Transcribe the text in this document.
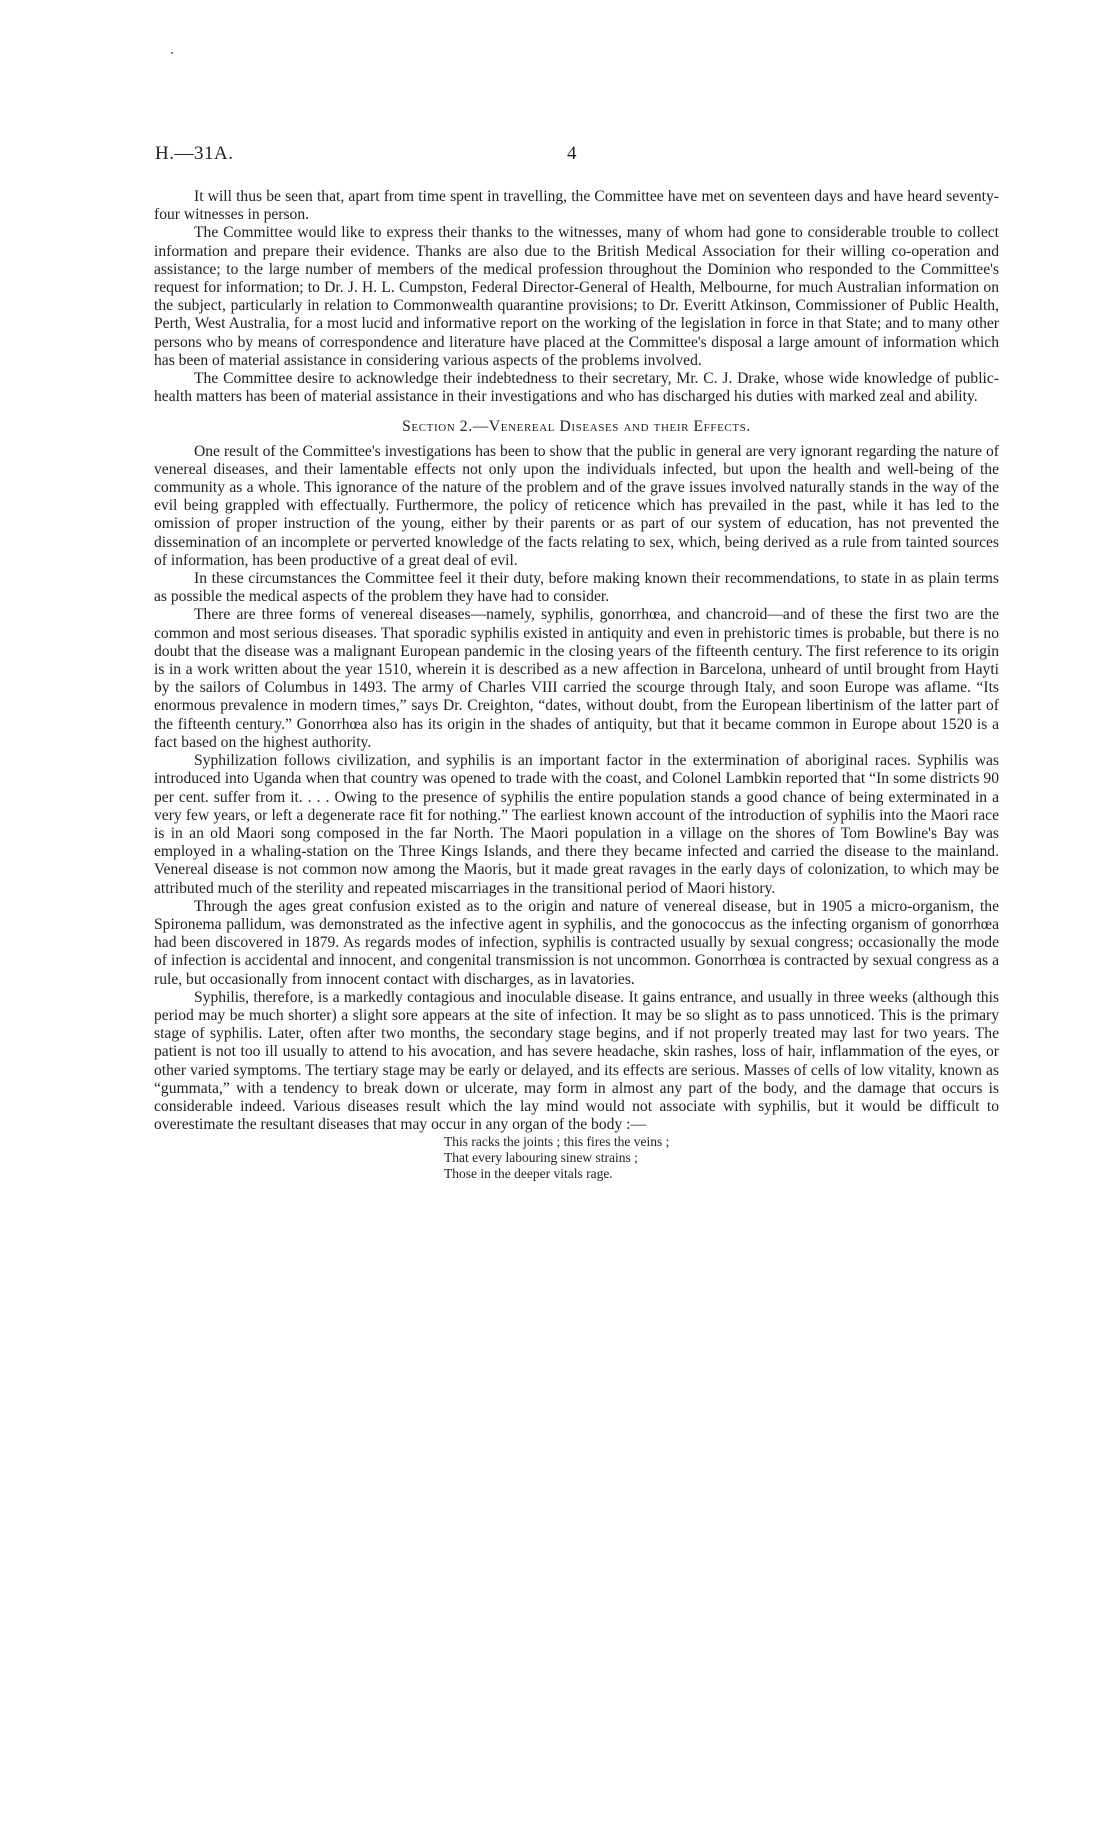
H.—31A.	4

It will thus be seen that, apart from time spent in travelling, the Committee have met on seventeen days and have heard seventy-four witnesses in person.

The Committee would like to express their thanks to the witnesses, many of whom had gone to considerable trouble to collect information and prepare their evidence. Thanks are also due to the British Medical Association for their willing co-operation and assistance; to the large number of members of the medical profession throughout the Dominion who responded to the Committee's request for information; to Dr. J. H. L. Cumpston, Federal Director-General of Health, Melbourne, for much Australian information on the subject, particularly in relation to Commonwealth quarantine provisions; to Dr. Everitt Atkinson, Commissioner of Public Health, Perth, West Australia, for a most lucid and informative report on the working of the legislation in force in that State; and to many other persons who by means of correspondence and literature have placed at the Committee's disposal a large amount of information which has been of material assistance in considering various aspects of the problems involved.

The Committee desire to acknowledge their indebtedness to their secretary, Mr. C. J. Drake, whose wide knowledge of public-health matters has been of material assistance in their investigations and who has discharged his duties with marked zeal and ability.

Section 2.—Venereal Diseases and their Effects.

One result of the Committee's investigations has been to show that the public in general are very ignorant regarding the nature of venereal diseases, and their lamentable effects not only upon the individuals infected, but upon the health and well-being of the community as a whole. This ignorance of the nature of the problem and of the grave issues involved naturally stands in the way of the evil being grappled with effectually. Furthermore, the policy of reticence which has prevailed in the past, while it has led to the omission of proper instruction of the young, either by their parents or as part of our system of education, has not prevented the dissemination of an incomplete or perverted knowledge of the facts relating to sex, which, being derived as a rule from tainted sources of information, has been productive of a great deal of evil.

In these circumstances the Committee feel it their duty, before making known their recommendations, to state in as plain terms as possible the medical aspects of the problem they have had to consider.

There are three forms of venereal diseases—namely, syphilis, gonorrhœa, and chancroid—and of these the first two are the common and most serious diseases. That sporadic syphilis existed in antiquity and even in prehistoric times is probable, but there is no doubt that the disease was a malignant European pandemic in the closing years of the fifteenth century. The first reference to its origin is in a work written about the year 1510, wherein it is described as a new affection in Barcelona, unheard of until brought from Hayti by the sailors of Columbus in 1493. The army of Charles VIII carried the scourge through Italy, and soon Europe was aflame. “Its enormous prevalence in modern times,” says Dr. Creighton, “dates, without doubt, from the European libertinism of the latter part of the fifteenth century.” Gonorrhœa also has its origin in the shades of antiquity, but that it became common in Europe about 1520 is a fact based on the highest authority.

Syphilization follows civilization, and syphilis is an important factor in the extermination of aboriginal races. Syphilis was introduced into Uganda when that country was opened to trade with the coast, and Colonel Lambkin reported that “In some districts 90 per cent. suffer from it. . . . Owing to the presence of syphilis the entire population stands a good chance of being exterminated in a very few years, or left a degenerate race fit for nothing.” The earliest known account of the introduction of syphilis into the Maori race is in an old Maori song composed in the far North. The Maori population in a village on the shores of Tom Bowline's Bay was employed in a whaling-station on the Three Kings Islands, and there they became infected and carried the disease to the mainland. Venereal disease is not common now among the Maoris, but it made great ravages in the early days of colonization, to which may be attributed much of the sterility and repeated miscarriages in the transitional period of Maori history.

Through the ages great confusion existed as to the origin and nature of venereal disease, but in 1905 a micro-organism, the Spironema pallidum, was demonstrated as the infective agent in syphilis, and the gonococcus as the infecting organism of gonorrhœa had been discovered in 1879. As regards modes of infection, syphilis is contracted usually by sexual congress; occasionally the mode of infection is accidental and innocent, and congenital transmission is not uncommon. Gonorrhœa is contracted by sexual congress as a rule, but occasionally from innocent contact with discharges, as in lavatories.

Syphilis, therefore, is a markedly contagious and inoculable disease. It gains entrance, and usually in three weeks (although this period may be much shorter) a slight sore appears at the site of infection. It may be so slight as to pass unnoticed. This is the primary stage of syphilis. Later, often after two months, the secondary stage begins, and if not properly treated may last for two years. The patient is not too ill usually to attend to his avocation, and has severe headache, skin rashes, loss of hair, inflammation of the eyes, or other varied symptoms. The tertiary stage may be early or delayed, and its effects are serious. Masses of cells of low vitality, known as “gummata,” with a tendency to break down or ulcerate, may form in almost any part of the body, and the damage that occurs is considerable indeed. Various diseases result which the lay mind would not associate with syphilis, but it would be difficult to overestimate the resultant diseases that may occur in any organ of the body :—

This racks the joints ; this fires the veins ;
That every labouring sinew strains ;
Those in the deeper vitals rage.
